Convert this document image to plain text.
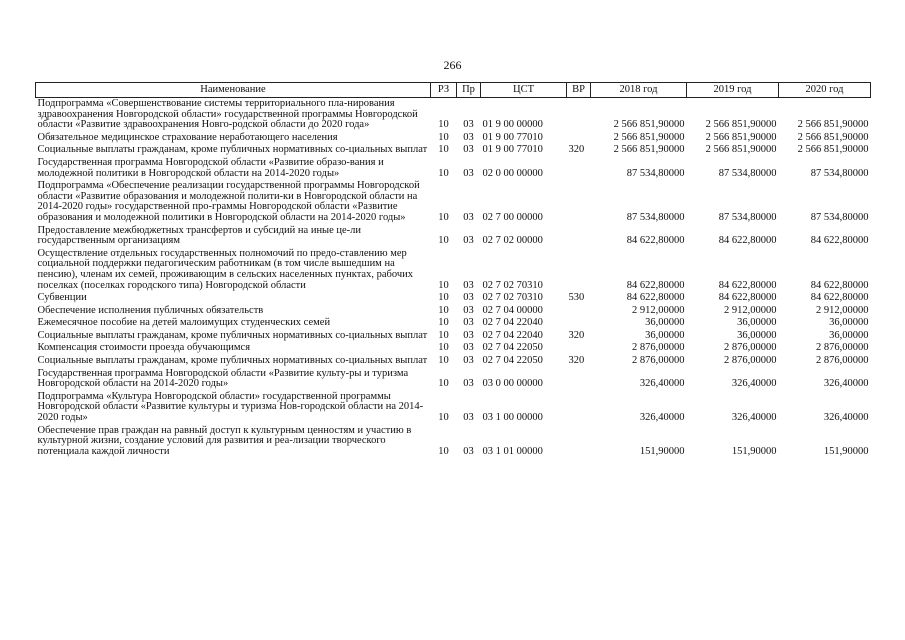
266
Наименование	РЗ	Пр	ЦСТ	ВР	2018 год	2019 год	2020 год
Подпрограмма «Совершенствование системы территориального пла-нирования здравоохранения Новгородской области» государственной программы Новгородской области «Развитие здравоохранения Новго-родской области до 2020 года»	10	03	01 9 00 00000		2 566 851,90000	2 566 851,90000	2 566 851,90000
Обязательное медицинское страхование неработающего населения	10	03	01 9 00 77010		2 566 851,90000	2 566 851,90000	2 566 851,90000
Социальные выплаты гражданам, кроме публичных нормативных со-циальных выплат	10	03	01 9 00 77010	320	2 566 851,90000	2 566 851,90000	2 566 851,90000
Государственная программа Новгородской области «Развитие образо-вания и молодежной политики в Новгородской области на 2014-2020 годы»	10	03	02 0 00 00000		87 534,80000	87 534,80000	87 534,80000
Подпрограмма «Обеспечение реализации государственной программы Новгородской области «Развитие образования и молодежной полити-ки в Новгородской области на 2014-2020 годы» государственной про-граммы Новгородской области «Развитие образования и молодежной политики в Новгородской области на 2014-2020 годы»	10	03	02 7 00 00000		87 534,80000	87 534,80000	87 534,80000
Предоставление межбюджетных трансфертов и субсидий на иные це-ли государственным организациям	10	03	02 7 02 00000		84 622,80000	84 622,80000	84 622,80000
Осуществление отдельных государственных полномочий по предо-ставлению мер социальной поддержки педагогическим работникам (в том числе вышедшим на пенсию), членам их семей, проживающим в сельских населенных пунктах, рабочих поселках (поселках городского типа) Новгородской области	10	03	02 7 02 70310		84 622,80000	84 622,80000	84 622,80000
Субвенции	10	03	02 7 02 70310	530	84 622,80000	84 622,80000	84 622,80000
Обеспечение исполнения публичных обязательств	10	03	02 7 04 00000		2 912,00000	2 912,00000	2 912,00000
Ежемесячное пособие на детей малоимущих студенческих семей	10	03	02 7 04 22040		36,00000	36,00000	36,00000
Социальные выплаты гражданам, кроме публичных нормативных со-циальных выплат	10	03	02 7 04 22040	320	36,00000	36,00000	36,00000
Компенсация стоимости проезда обучающимся	10	03	02 7 04 22050		2 876,00000	2 876,00000	2 876,00000
Социальные выплаты гражданам, кроме публичных нормативных со-циальных выплат	10	03	02 7 04 22050	320	2 876,00000	2 876,00000	2 876,00000
Государственная программа Новгородской области «Развитие культу-ры и туризма Новгородской области на 2014-2020 годы»	10	03	03 0 00 00000		326,40000	326,40000	326,40000
Подпрограмма «Культура Новгородской области» государственной программы Новгородской области «Развитие культуры и туризма Нов-городской области на 2014-2020 годы»	10	03	03 1 00 00000		326,40000	326,40000	326,40000
Обеспечение прав граждан на равный доступ к культурным ценностям и участию в культурной жизни, создание условий для развития и реа-лизации творческого потенциала каждой личности	10	03	03 1 01 00000		151,90000	151,90000	151,90000
